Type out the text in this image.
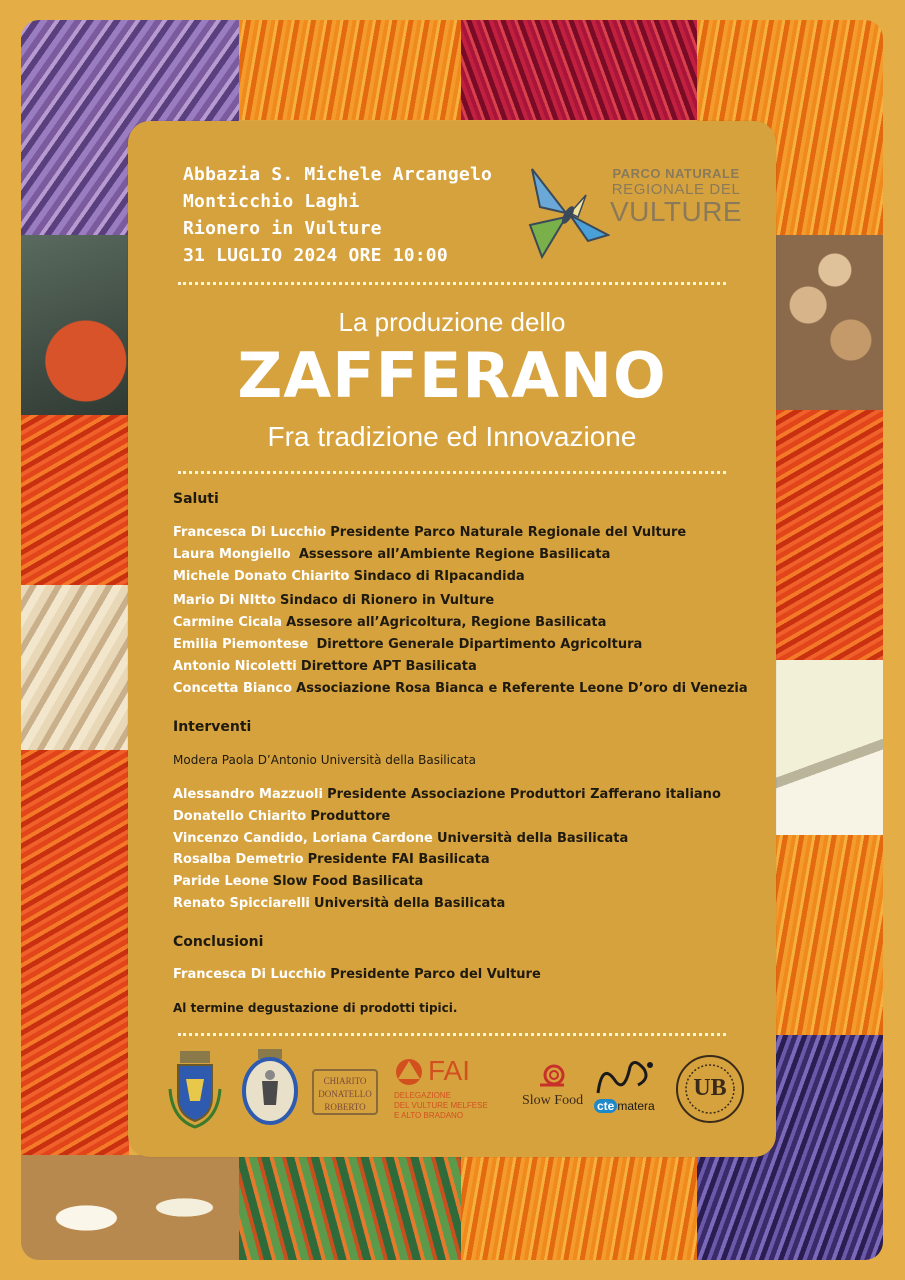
Abbazia S. Michele Arcangelo
Monticchio Laghi
Rionero in Vulture
31 LUGLIO 2024 ORE 10:00
PARCO NATURALE
REGIONALE DEL
VULTURE
La produzione dello
ZAFFERANO
Fra tradizione ed Innovazione
Saluti
Francesca Di Lucchio Presidente Parco Naturale Regionale del Vulture
Laura Mongiello Assessore all’Ambiente Regione Basilicata
Michele Donato Chiarito Sindaco di RIpacandida
Mario Di NItto Sindaco di Rionero in Vulture
Carmine Cicala Assesore all’Agricoltura, Regione Basilicata
Emilia Piemontese Direttore Generale Dipartimento Agricoltura
Antonio Nicoletti Direttore APT Basilicata
Concetta Bianco Associazione Rosa Bianca e Referente Leone D’oro di Venezia
Interventi
Modera Paola D’Antonio Università della Basilicata
Alessandro Mazzuoli Presidente Associazione Produttori Zafferano italiano
Donatello Chiarito Produttore
Vincenzo Candido, Loriana Cardone Università della Basilicata
Rosalba Demetrio Presidente FAI Basilicata
Paride Leone Slow Food Basilicata
Renato Spicciarelli Università della Basilicata
Conclusioni
Francesca Di Lucchio Presidente Parco del Vulture
Al termine degustazione di prodotti tipici.
CHIARITO
DONATELLO
ROBERTO
FAI
DELEGAZIONE
DEL VULTURE MELFESE
E ALTO BRADANO
Slow Food cte matera
UB
